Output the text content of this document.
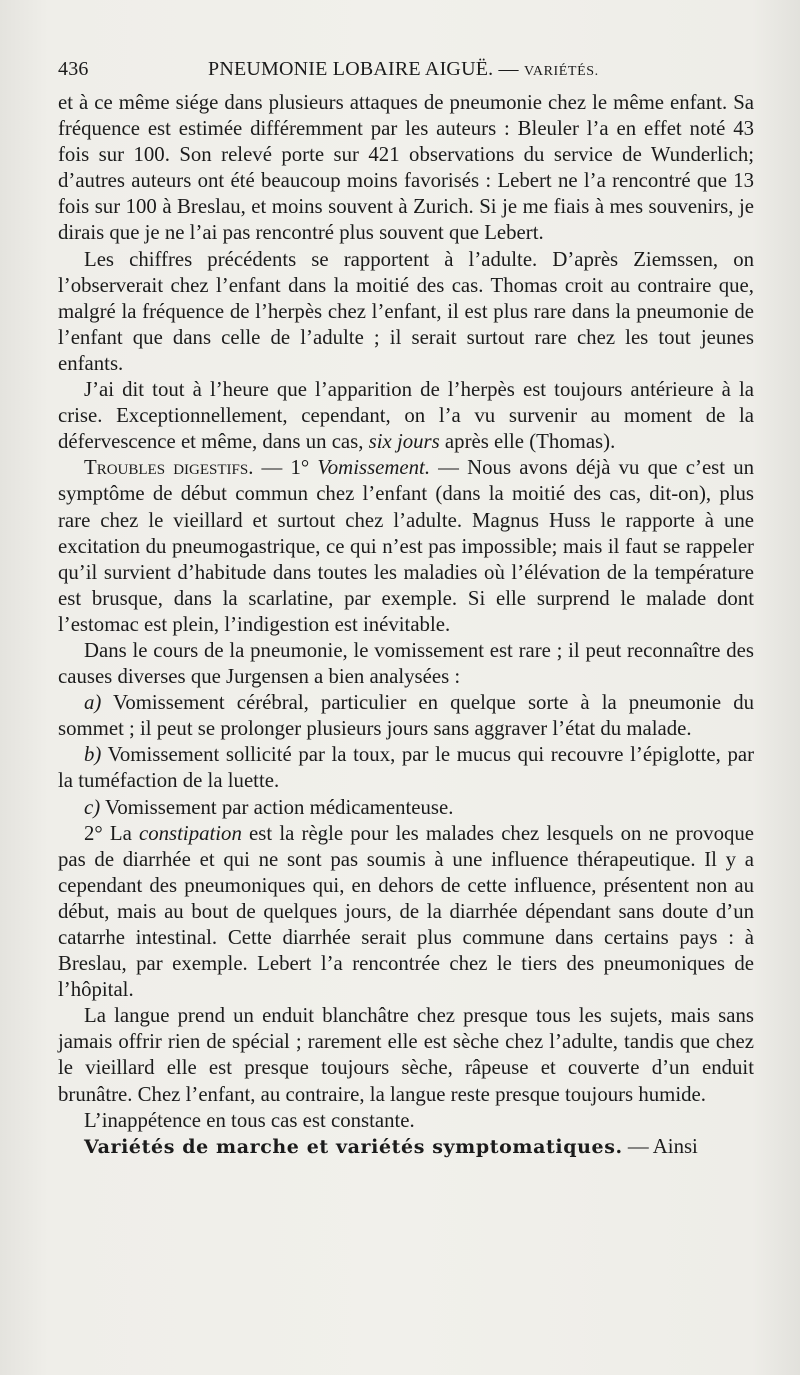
436	PNEUMONIE LOBAIRE AIGUË. — VARIÉTÉS.

et à ce même siége dans plusieurs attaques de pneumonie chez le même enfant. Sa fréquence est estimée différemment par les auteurs : Bleuler l’a en effet noté 43 fois sur 100. Son relevé porte sur 421 observations du service de Wunderlich; d’autres auteurs ont été beaucoup moins favorisés : Lebert ne l’a rencontré que 13 fois sur 100 à Breslau, et moins souvent à Zurich. Si je me fiais à mes souvenirs, je dirais que je ne l’ai pas rencontré plus souvent que Lebert.

Les chiffres précédents se rapportent à l’adulte. D’après Ziemssen, on l’observerait chez l’enfant dans la moitié des cas. Thomas croit au contraire que, malgré la fréquence de l’herpès chez l’enfant, il est plus rare dans la pneumonie de l’enfant que dans celle de l’adulte ; il serait surtout rare chez les tout jeunes enfants.

J’ai dit tout à l’heure que l’apparition de l’herpès est toujours antérieure à la crise. Exceptionnellement, cependant, on l’a vu survenir au moment de la défervescence et même, dans un cas, six jours après elle (Thomas).

Troubles digestifs. — 1° Vomissement. — Nous avons déjà vu que c’est un symptôme de début commun chez l’enfant (dans la moitié des cas, dit-on), plus rare chez le vieillard et surtout chez l’adulte. Magnus Huss le rapporte à une excitation du pneumogastrique, ce qui n’est pas impossible; mais il faut se rappeler qu’il survient d’habitude dans toutes les maladies où l’élévation de la température est brusque, dans la scarlatine, par exemple. Si elle surprend le malade dont l’estomac est plein, l’indigestion est inévitable.

Dans le cours de la pneumonie, le vomissement est rare ; il peut reconnaître des causes diverses que Jurgensen a bien analysées :

a) Vomissement cérébral, particulier en quelque sorte à la pneumonie du sommet ; il peut se prolonger plusieurs jours sans aggraver l’état du malade.

b) Vomissement sollicité par la toux, par le mucus qui recouvre l’épiglotte, par la tuméfaction de la luette.

c) Vomissement par action médicamenteuse.

2° La constipation est la règle pour les malades chez lesquels on ne provoque pas de diarrhée et qui ne sont pas soumis à une influence thérapeutique. Il y a cependant des pneumoniques qui, en dehors de cette influence, présentent non au début, mais au bout de quelques jours, de la diarrhée dépendant sans doute d’un catarrhe intestinal. Cette diarrhée serait plus commune dans certains pays : à Breslau, par exemple. Lebert l’a rencontrée chez le tiers des pneumoniques de l’hôpital.

La langue prend un enduit blanchâtre chez presque tous les sujets, mais sans jamais offrir rien de spécial ; rarement elle est sèche chez l’adulte, tandis que chez le vieillard elle est presque toujours sèche, râpeuse et couverte d’un enduit brunâtre. Chez l’enfant, au contraire, la langue reste presque toujours humide.

L’inappétence en tous cas est constante.

Variétés de marche et variétés symptomatiques. — Ainsi
